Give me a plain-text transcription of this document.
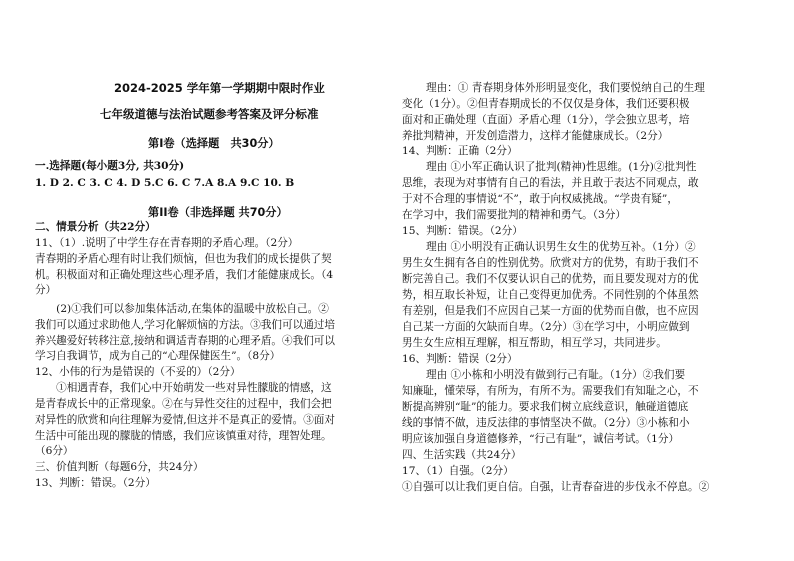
2024-2025 学年第一学期期中限时作业
七年级道德与法治试题参考答案及评分标准
第Ⅰ卷（选择题　共30分）
一.选择题(每小题3分, 共30分)
1. D 2. C 3. C 4. D 5.C 6. C 7.A 8.A 9.C 10. B
第II卷（非选择题 共70分）
二、情景分析（共22分）
11、（1）.说明了中学生存在青春期的矛盾心理。（2分）
青春期的矛盾心理有时让我们烦恼，但也为我们的成长提供了契
机。积极面对和正确处理这些心理矛盾，我们才能健康成长。（4
分）
　　(2)①我们可以参加集体活动,在集体的温暖中放松自己。②
我们可以通过求助他人,学习化解烦恼的方法。③我们可以通过培
养兴趣爱好转移注意,接纳和调适青春期的心理矛盾。④我们可以
学习自我调节，成为自己的“心理保健医生”。（8分）
12、小伟的行为是错误的（不妥的）（2分）
　　①相遇青春，我们心中开始萌发一些对异性朦胧的情感，这
是青春成长中的正常现象。②在与异性交往的过程中，我们会把
对异性的欣赏和向往理解为爱情,但这并不是真正的爱情。③面对
生活中可能出现的朦胧的情感，我们应该慎重对待，理智处理。
（6分）
三、价值判断（每题6分，共24分）
13、判断：错误。（2分）
理由：① 青春期身体外形明显变化，我们要悦纳自己的生理
变化（1分）。②但青春期成长的不仅仅是身体，我们还要积极
面对和正确处理（直面）矛盾心理（1分），学会独立思考，培
养批判精神，开发创造潜力，这样才能健康成长。（2分）
14、判断：正确（2分）
理由 ①小军正确认识了批判(精神)性思维。(1分)②批判性
思维，表现为对事情有自己的看法，并且敢于表达不同观点，敢
于对不合理的事情说“不”，敢于向权威挑战。“学贵有疑”，
在学习中，我们需要批判的精神和勇气。（3分）
15、判断：错误。（2分）
理由 ①小明没有正确认识男生女生的优势互补。（1分）②
男生女生拥有各自的性别优势。欣赏对方的优势，有助于我们不
断完善自己。我们不仅要认识自己的优势，而且要发现对方的优
势，相互取长补短，让自己变得更加优秀。不同性别的个体虽然
有差别，但是我们不应因自己某一方面的优势而自傲，也不应因
自己某一方面的欠缺而自卑。（2分）③在学习中，小明应做到
男生女生应相互理解，相互帮助，相互学习，共同进步。
16、判断：错误（2分）
理由 ①小栋和小明没有做到行己有耻。（1分）②我们要
知廉耻，懂荣辱，有所为，有所不为。需要我们有知耻之心，不
断提高辨别“耻”的能力。要求我们树立底线意识，触碰道德底
线的事情不做，违反法律的事情坚决不做。（2分）③小栋和小
明应该加强自身道德修养，“行己有耻”，诚信考试。（1分）
四、生活实践（共24分）
17、（1）自强。（2分）
①自强可以让我们更自信。自强，让青春奋进的步伐永不停息。②
